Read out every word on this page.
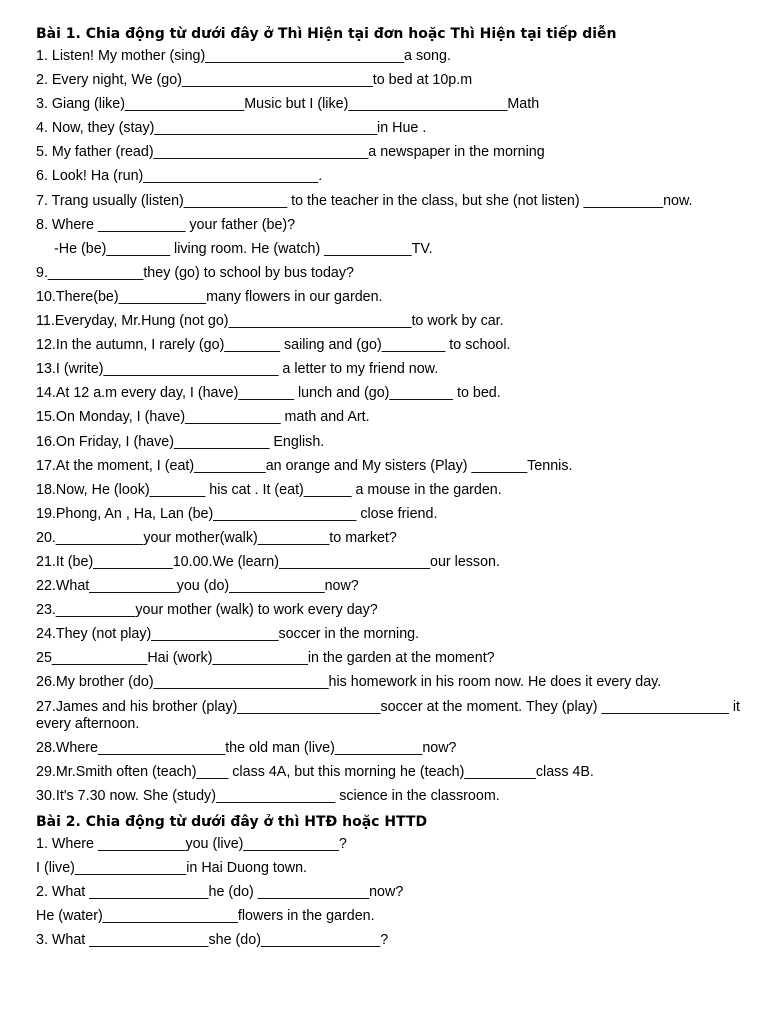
Bài 1. Chia động từ dưới đây ở Thì Hiện tại đơn hoặc Thì Hiện tại tiếp diễn
1. Listen! My mother (sing)_________________________a song.
2. Every night, We (go)________________________to bed at 10p.m
3. Giang (like)_______________Music but I (like)____________________Math
4. Now, they (stay)____________________________in Hue .
5. My father (read)___________________________a newspaper in the morning
6. Look! Ha (run)______________________.
7. Trang usually (listen)_____________ to the teacher in the class, but she (not listen) __________now.
8. Where ___________ your father (be)?
-He (be)________ living room. He (watch) ___________TV.
9.____________they (go) to school by bus today?
10.There(be)___________many flowers in our garden.
11.Everyday, Mr.Hung (not go)_______________________to work by car.
12.In the autumn, I rarely (go)_______ sailing and (go)________ to school.
13.I (write)______________________ a letter to my friend now.
14.At 12 a.m every day, I (have)_______ lunch and (go)________ to bed.
15.On Monday, I (have)____________ math and Art.
16.On Friday, I (have)____________ English.
17.At the moment, I (eat)_________an orange and My sisters (Play) _______Tennis.
18.Now, He (look)_______ his cat . It (eat)______ a mouse in the garden.
19.Phong, An , Ha, Lan (be)__________________ close friend.
20.___________your mother(walk)_________to market?
21.It (be)__________10.00.We (learn)___________________our lesson.
22.What___________you (do)____________now?
23.__________your mother (walk) to work every day?
24.They (not play)________________soccer in the morning.
25____________Hai (work)____________in the garden at the moment?
26.My brother (do)______________________his homework in his room now. He does it every day.
27.James and his brother (play)__________________soccer at the moment. They (play) ________________ it every afternoon.
28.Where________________the old man (live)___________now?
29.Mr.Smith often (teach)____ class 4A, but this morning he (teach)_________class 4B.
30.It's 7.30 now. She (study)_______________ science in the classroom.
Bài 2. Chia động từ dưới đây ở thì HTĐ hoặc HTTD
1. Where ___________you (live)____________?
I (live)______________in Hai Duong town.
2. What _______________he (do) ______________now?
He (water)_________________flowers in the garden.
3. What _______________she (do)_______________?
